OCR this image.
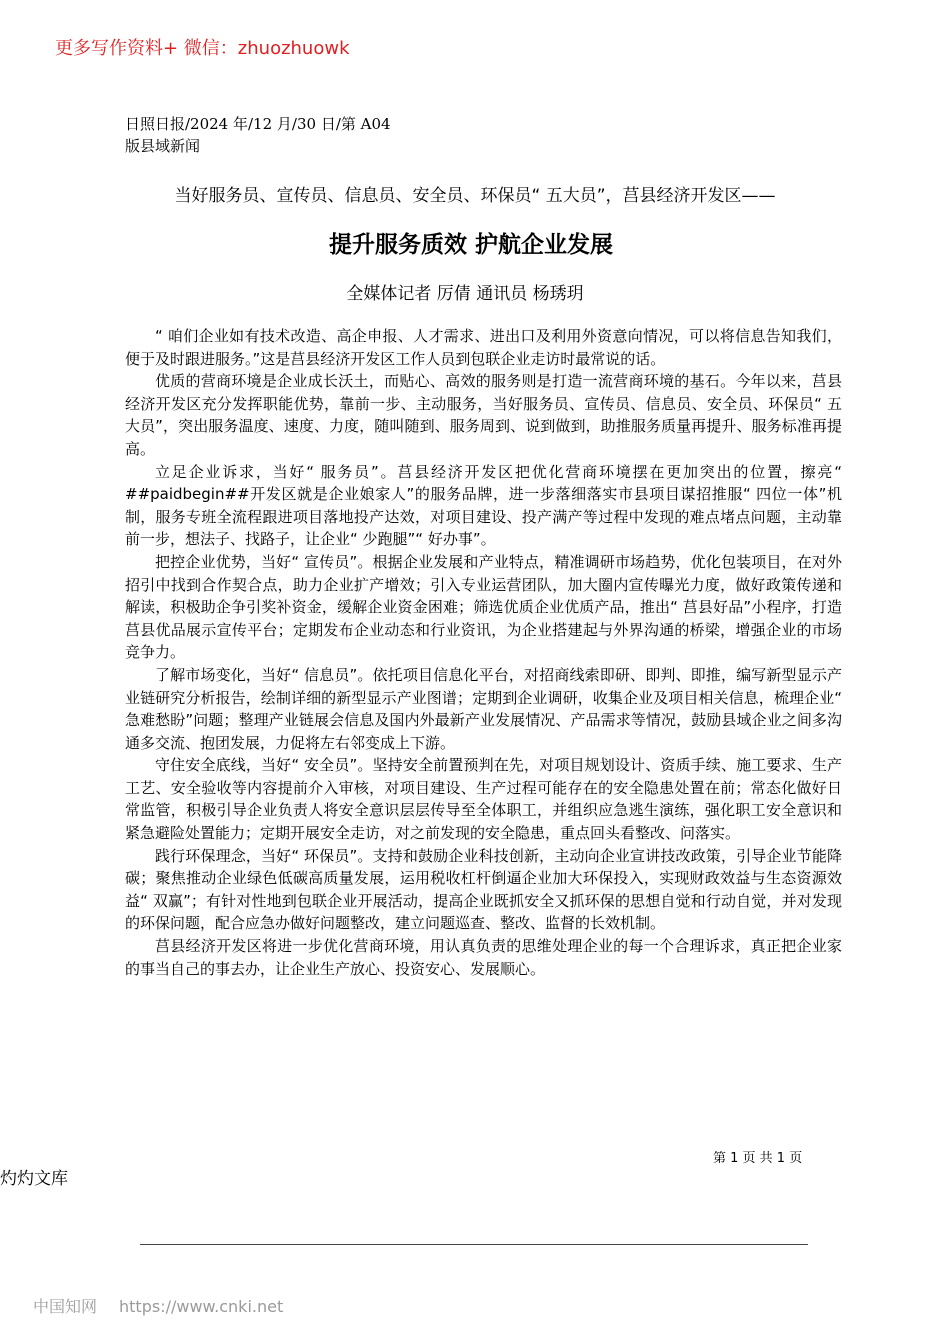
更多写作资料+ 微信：zhuozhuowk
日照日报/2024 年/12 月/30 日/第 A04
版县域新闻
当好服务员、宣传员、信息员、安全员、环保员“ 五大员”，莒县经济开发区——
提升服务质效 护航企业发展
全媒体记者 厉倩 通讯员 杨琇玥

“ 咱们企业如有技术改造、高企申报、人才需求、进出口及利用外资意向情况，可以将信息告知我们，便于及时跟进服务。”这是莒县经济开发区工作人员到包联企业走访时最常说的话。

优质的营商环境是企业成长沃土，而贴心、高效的服务则是打造一流营商环境的基石。今年以来，莒县经济开发区充分发挥职能优势，靠前一步、主动服务，当好服务员、宣传员、信息员、安全员、环保员“ 五大员”，突出服务温度、速度、力度，随叫随到、服务周到、说到做到，助推服务质量再提升、服务标准再提高。

立足企业诉求，当好“ 服务员”。莒县经济开发区把优化营商环境摆在更加突出的位置，擦亮“ ##paidbegin##开发区就是企业娘家人”的服务品牌，进一步落细落实市县项目谋招推服“ 四位一体”机制，服务专班全流程跟进项目落地投产达效，对项目建设、投产满产等过程中发现的难点堵点问题，主动靠前一步，想法子、找路子，让企业“ 少跑腿”“ 好办事”。

把控企业优势，当好“ 宣传员”。根据企业发展和产业特点，精准调研市场趋势，优化包装项目，在对外招引中找到合作契合点，助力企业扩产增效；引入专业运营团队，加大圈内宣传曝光力度，做好政策传递和解读，积极助企争引奖补资金，缓解企业资金困难；筛选优质企业优质产品，推出“ 莒县好品”小程序，打造莒县优品展示宣传平台；定期发布企业动态和行业资讯，为企业搭建起与外界沟通的桥梁，增强企业的市场竞争力。

了解市场变化，当好“ 信息员”。依托项目信息化平台，对招商线索即研、即判、即推，编写新型显示产业链研究分析报告，绘制详细的新型显示产业图谱；定期到企业调研，收集企业及项目相关信息，梳理企业“ 急难愁盼”问题；整理产业链展会信息及国内外最新产业发展情况、产品需求等情况，鼓励县域企业之间多沟通多交流、抱团发展，力促将左右邻变成上下游。

守住安全底线，当好“ 安全员”。坚持安全前置预判在先，对项目规划设计、资质手续、施工要求、生产工艺、安全验收等内容提前介入审核，对项目建设、生产过程可能存在的安全隐患处置在前；常态化做好日常监管，积极引导企业负责人将安全意识层层传导至全体职工，并组织应急逃生演练，强化职工安全意识和紧急避险处置能力；定期开展安全走访，对之前发现的安全隐患，重点回头看整改、问落实。

践行环保理念，当好“ 环保员”。支持和鼓励企业科技创新，主动向企业宣讲技改政策，引导企业节能降碳；聚焦推动企业绿色低碳高质量发展，运用税收杠杆倒逼企业加大环保投入，实现财政效益与生态资源效益“ 双赢”；有针对性地到包联企业开展活动，提高企业既抓安全又抓环保的思想自觉和行动自觉，并对发现的环保问题，配合应急办做好问题整改，建立问题巡查、整改、监督的长效机制。

莒县经济开发区将进一步优化营商环境，用认真负责的思维处理企业的每一个合理诉求，真正把企业家的事当自己的事去办，让企业生产放心、投资安心、发展顺心。

第 1 页 共 1 页
灼灼文库
中国知网 https://www.cnki.net
